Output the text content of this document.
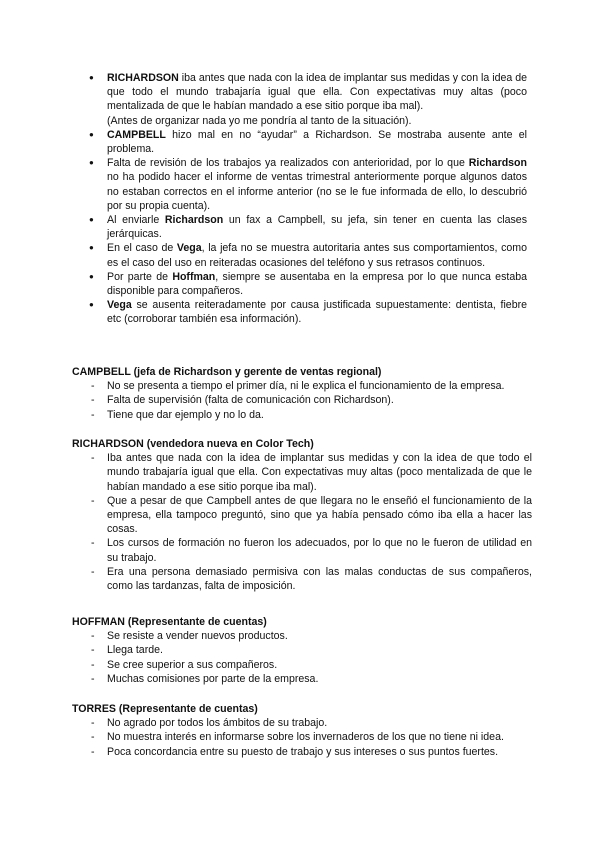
● RICHARDSON iba antes que nada con la idea de implantar sus medidas y con la idea de que todo el mundo trabajaría igual que ella. Con expectativas muy altas (poco mentalizada de que le habían mandado a ese sitio porque iba mal).
(Antes de organizar nada yo me pondría al tanto de la situación).
● CAMPBELL hizo mal en no “ayudar” a Richardson. Se mostraba ausente ante el problema.
● Falta de revisión de los trabajos ya realizados con anterioridad, por lo que Richardson no ha podido hacer el informe de ventas trimestral anteriormente porque algunos datos no estaban correctos en el informe anterior (no se le fue informada de ello, lo descubrió por su propia cuenta).
● Al enviarle Richardson un fax a Campbell, su jefa, sin tener en cuenta las clases jerárquicas.
● En el caso de Vega, la jefa no se muestra autoritaria antes sus comportamientos, como es el caso del uso en reiteradas ocasiones del teléfono y sus retrasos continuos.
● Por parte de Hoffman, siempre se ausentaba en la empresa por lo que nunca estaba disponible para compañeros.
● Vega se ausenta reiteradamente por causa justificada supuestamente: dentista, fiebre etc (corroborar también esa información).
CAMPBELL (jefa de Richardson y gerente de ventas regional)
- No se presenta a tiempo el primer día, ni le explica el funcionamiento de la empresa.
- Falta de supervisión (falta de comunicación con Richardson).
- Tiene que dar ejemplo y no lo da.
RICHARDSON (vendedora nueva en Color Tech)
- Iba antes que nada con la idea de implantar sus medidas y con la idea de que todo el mundo trabajaría igual que ella. Con expectativas muy altas (poco mentalizada de que le habían mandado a ese sitio porque iba mal).
- Que a pesar de que Campbell antes de que llegara no le enseñó el funcionamiento de la empresa, ella tampoco preguntó, sino que ya había pensado cómo iba ella a hacer las cosas.
- Los cursos de formación no fueron los adecuados, por lo que no le fueron de utilidad en su trabajo.
- Era una persona demasiado permisiva con las malas conductas de sus compañeros, como las tardanzas, falta de imposición.
HOFFMAN (Representante de cuentas)
- Se resiste a vender nuevos productos.
- Llega tarde.
- Se cree superior a sus compañeros.
- Muchas comisiones por parte de la empresa.
TORRES (Representante de cuentas)
- No agrado por todos los ámbitos de su trabajo.
- No muestra interés en informarse sobre los invernaderos de los que no tiene ni idea.
- Poca concordancia entre su puesto de trabajo y sus intereses o sus puntos fuertes.
